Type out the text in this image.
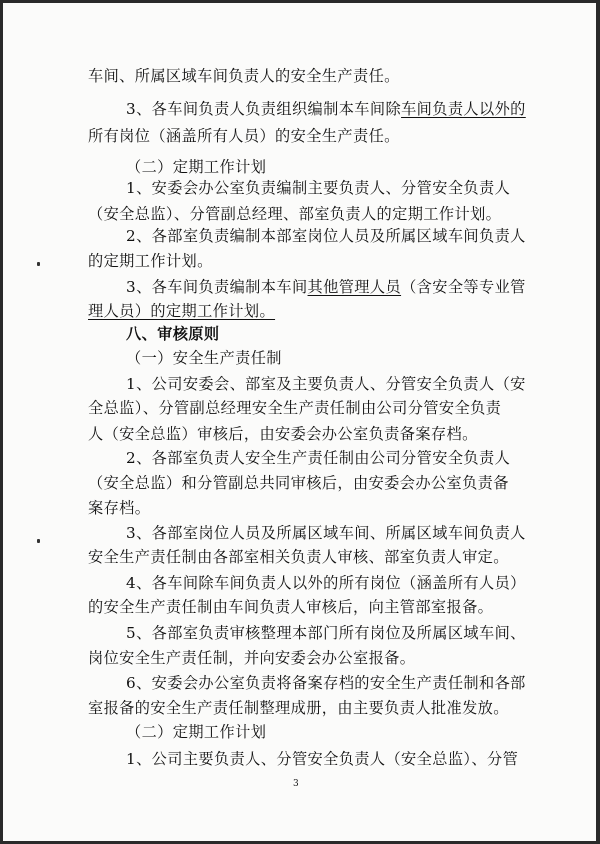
车间、所属区域车间负责人的安全生产责任。
3、各车间负责人负责组织编制本车间除车间负责人以外的
所有岗位（涵盖所有人员）的安全生产责任。
（二）定期工作计划
1、安委会办公室负责编制主要负责人、分管安全负责人
（安全总监）、分管副总经理、部室负责人的定期工作计划。
2、各部室负责编制本部室岗位人员及所属区域车间负责人
的定期工作计划。
3、各车间负责编制本车间其他管理人员（含安全等专业管
理人员）的定期工作计划。
八、审核原则
（一）安全生产责任制
1、公司安委会、部室及主要负责人、分管安全负责人（安
全总监）、分管副总经理安全生产责任制由公司分管安全负责
人（安全总监）审核后，由安委会办公室负责备案存档。
2、各部室负责人安全生产责任制由公司分管安全负责人
（安全总监）和分管副总共同审核后，由安委会办公室负责备
案存档。
3、各部室岗位人员及所属区域车间、所属区域车间负责人
安全生产责任制由各部室相关负责人审核、部室负责人审定。
4、各车间除车间负责人以外的所有岗位（涵盖所有人员）
的安全生产责任制由车间负责人审核后，向主管部室报备。
5、各部室负责审核整理本部门所有岗位及所属区域车间、
岗位安全生产责任制，并向安委会办公室报备。
6、安委会办公室负责将备案存档的安全生产责任制和各部
室报备的安全生产责任制整理成册，由主要负责人批准发放。
（二）定期工作计划
1、公司主要负责人、分管安全负责人（安全总监）、分管
3
